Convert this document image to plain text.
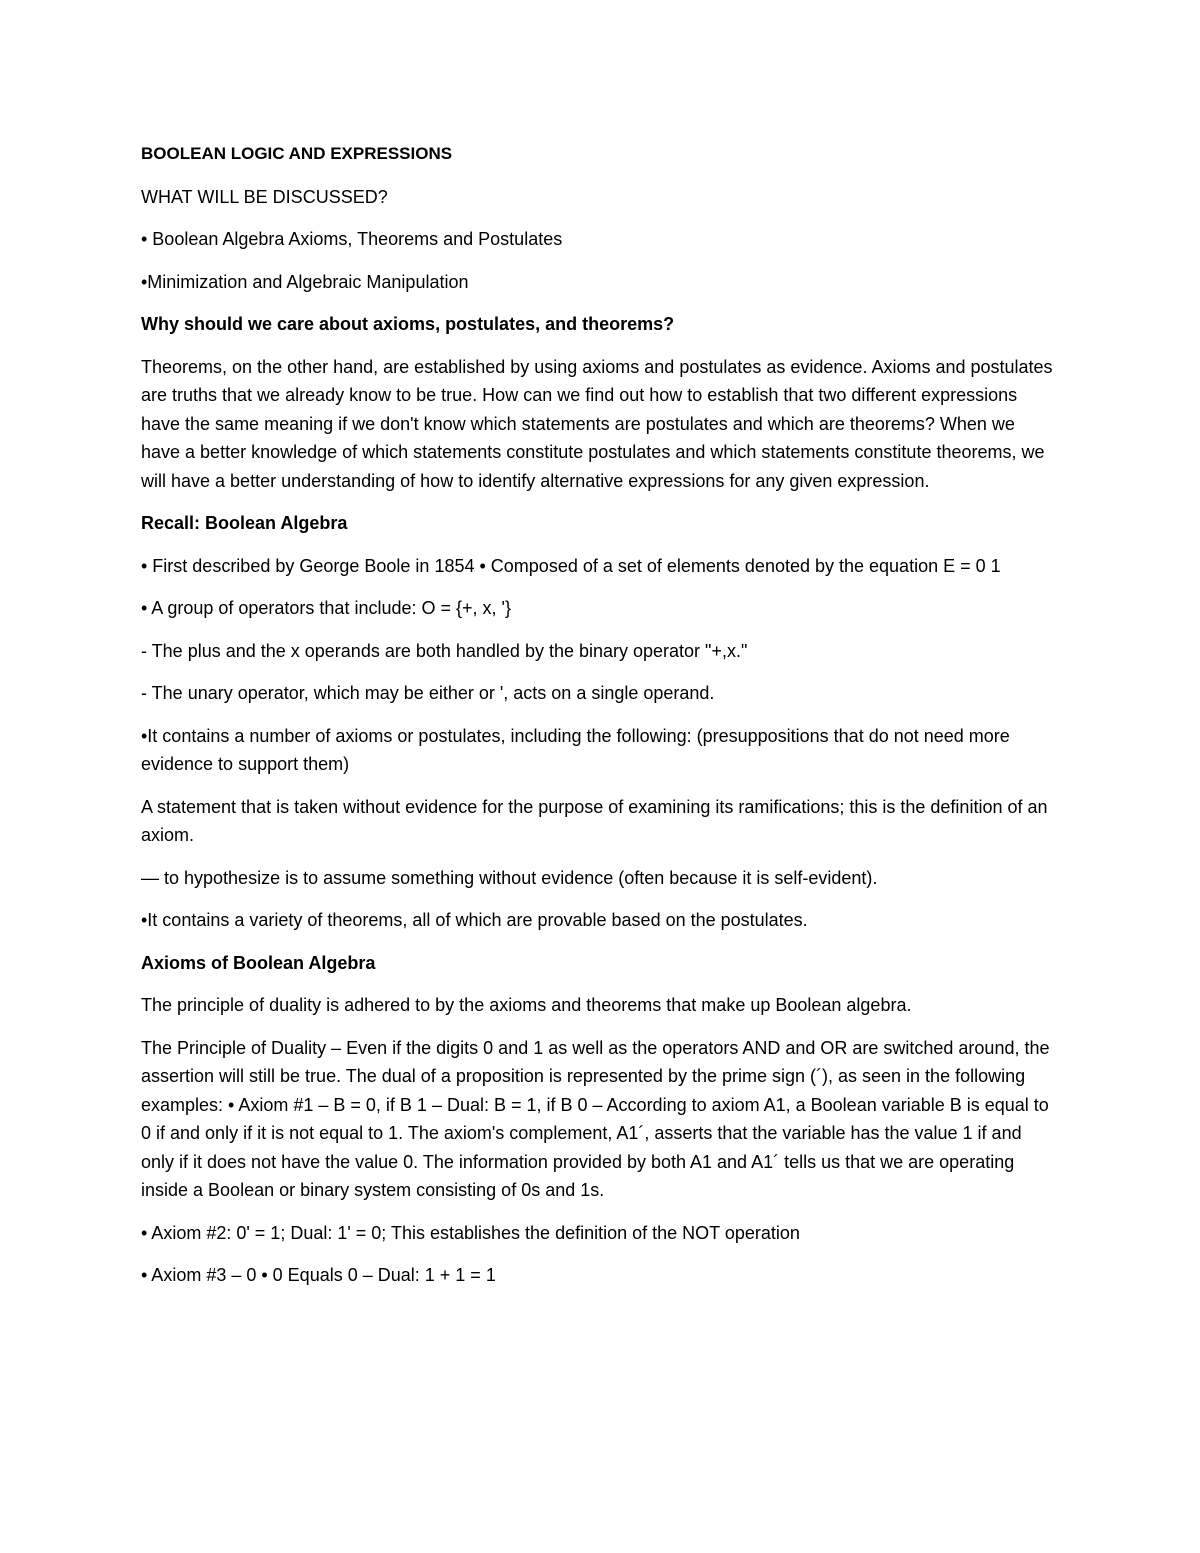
BOOLEAN LOGIC AND EXPRESSIONS

WHAT WILL BE DISCUSSED?

• Boolean Algebra Axioms, Theorems and Postulates

•Minimization and Algebraic Manipulation

Why should we care about axioms, postulates, and theorems?

Theorems, on the other hand, are established by using axioms and postulates as evidence. Axioms and postulates are truths that we already know to be true. How can we find out how to establish that two different expressions have the same meaning if we don't know which statements are postulates and which are theorems? When we have a better knowledge of which statements constitute postulates and which statements constitute theorems, we will have a better understanding of how to identify alternative expressions for any given expression.

Recall: Boolean Algebra

• First described by George Boole in 1854 • Composed of a set of elements denoted by the equation E = 0 1

• A group of operators that include: O = {+, x, '}

- The plus and the x operands are both handled by the binary operator "+,x."

- The unary operator, which may be either or ', acts on a single operand.

•It contains a number of axioms or postulates, including the following: (presuppositions that do not need more evidence to support them)

A statement that is taken without evidence for the purpose of examining its ramifications; this is the definition of an axiom.

— to hypothesize is to assume something without evidence (often because it is self-evident).

•It contains a variety of theorems, all of which are provable based on the postulates.

Axioms of Boolean Algebra

The principle of duality is adhered to by the axioms and theorems that make up Boolean algebra.

The Principle of Duality – Even if the digits 0 and 1 as well as the operators AND and OR are switched around, the assertion will still be true. The dual of a proposition is represented by the prime sign (´), as seen in the following examples: • Axiom #1 – B = 0, if B 1 – Dual: B = 1, if B 0 – According to axiom A1, a Boolean variable B is equal to 0 if and only if it is not equal to 1. The axiom's complement, A1´, asserts that the variable has the value 1 if and only if it does not have the value 0. The information provided by both A1 and A1´ tells us that we are operating inside a Boolean or binary system consisting of 0s and 1s.

• Axiom #2: 0' = 1; Dual: 1' = 0; This establishes the definition of the NOT operation

• Axiom #3 – 0 • 0 Equals 0 – Dual: 1 + 1 = 1
